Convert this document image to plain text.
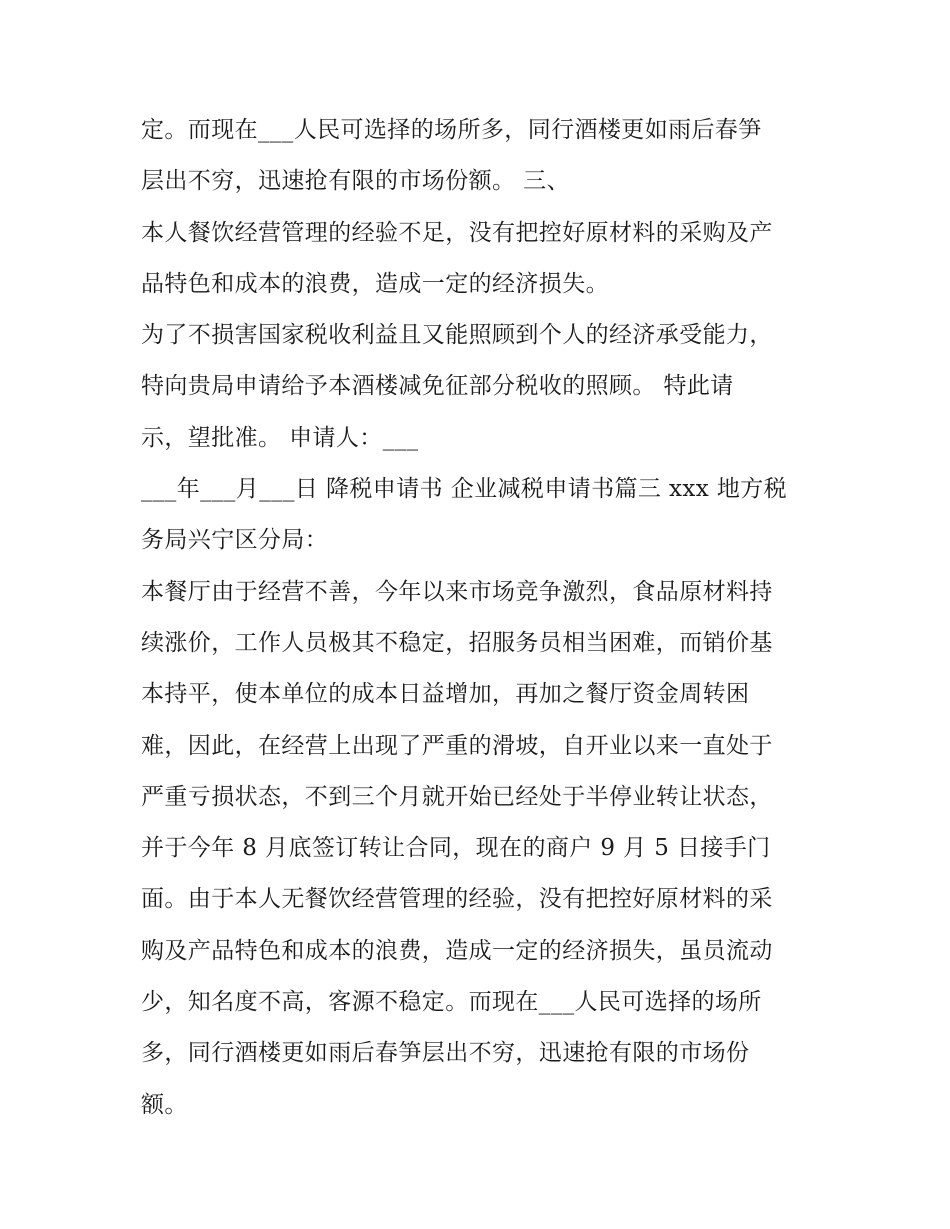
定。而现在___人民可选择的场所多，同行酒楼更如雨后春笋
层出不穷，迅速抢有限的市场份额。 三、
本人餐饮经营管理的经验不足，没有把控好原材料的采购及产
品特色和成本的浪费，造成一定的经济损失。
为了不损害国家税收利益且又能照顾到个人的经济承受能力，
特向贵局申请给予本酒楼减免征部分税收的照顾。 特此请
示，望批准。 申请人：___
___年___月___日 降税申请书 企业减税申请书篇三 xxx 地方税
务局兴宁区分局：
本餐厅由于经营不善，今年以来市场竞争激烈，食品原材料持
续涨价，工作人员极其不稳定，招服务员相当困难，而销价基
本持平，使本单位的成本日益增加，再加之餐厅资金周转困
难，因此，在经营上出现了严重的滑坡，自开业以来一直处于
严重亏损状态，不到三个月就开始已经处于半停业转让状态，
并于今年 8 月底签订转让合同，现在的商户 9 月 5 日接手门
面。由于本人无餐饮经营管理的经验，没有把控好原材料的采
购及产品特色和成本的浪费，造成一定的经济损失，虽员流动
少，知名度不高，客源不稳定。而现在___人民可选择的场所
多，同行酒楼更如雨后春笋层出不穷，迅速抢有限的市场份
额。
